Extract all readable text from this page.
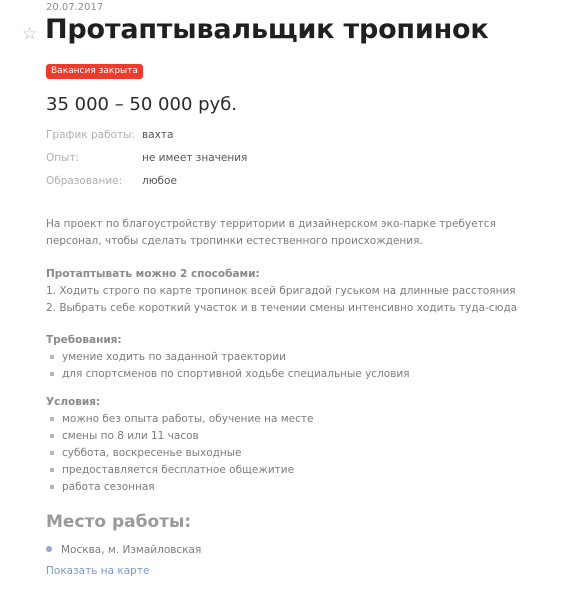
20.07.2017
☆ Протаптывальщик тропинок
Вакансия закрыта
35 000 – 50 000 руб.
График работы: вахта
Опыт:	не имеет значения
Образование:	любое
На проект по благоустройству территории в дизайнерском эко-парке требуется персонал, чтобы сделать тропинки естественного происхождения.
Протаптывать можно 2 способами:
1. Ходить строго по карте тропинок всей бригадой гуськом на длинные расстояния
2. Выбрать себе короткий участок и в течении смены интенсивно ходить туда-сюда
Требования:
умение ходить по заданной траектории
для спортсменов по спортивной ходьбе специальные условия
Условия:
можно без опыта работы, обучение на месте
смены по 8 или 11 часов
суббота, воскресенье выходные
предоставляется бесплатное общежитие
работа сезонная
Место работы:
Москва, м. Измайловская
Показать на карте
